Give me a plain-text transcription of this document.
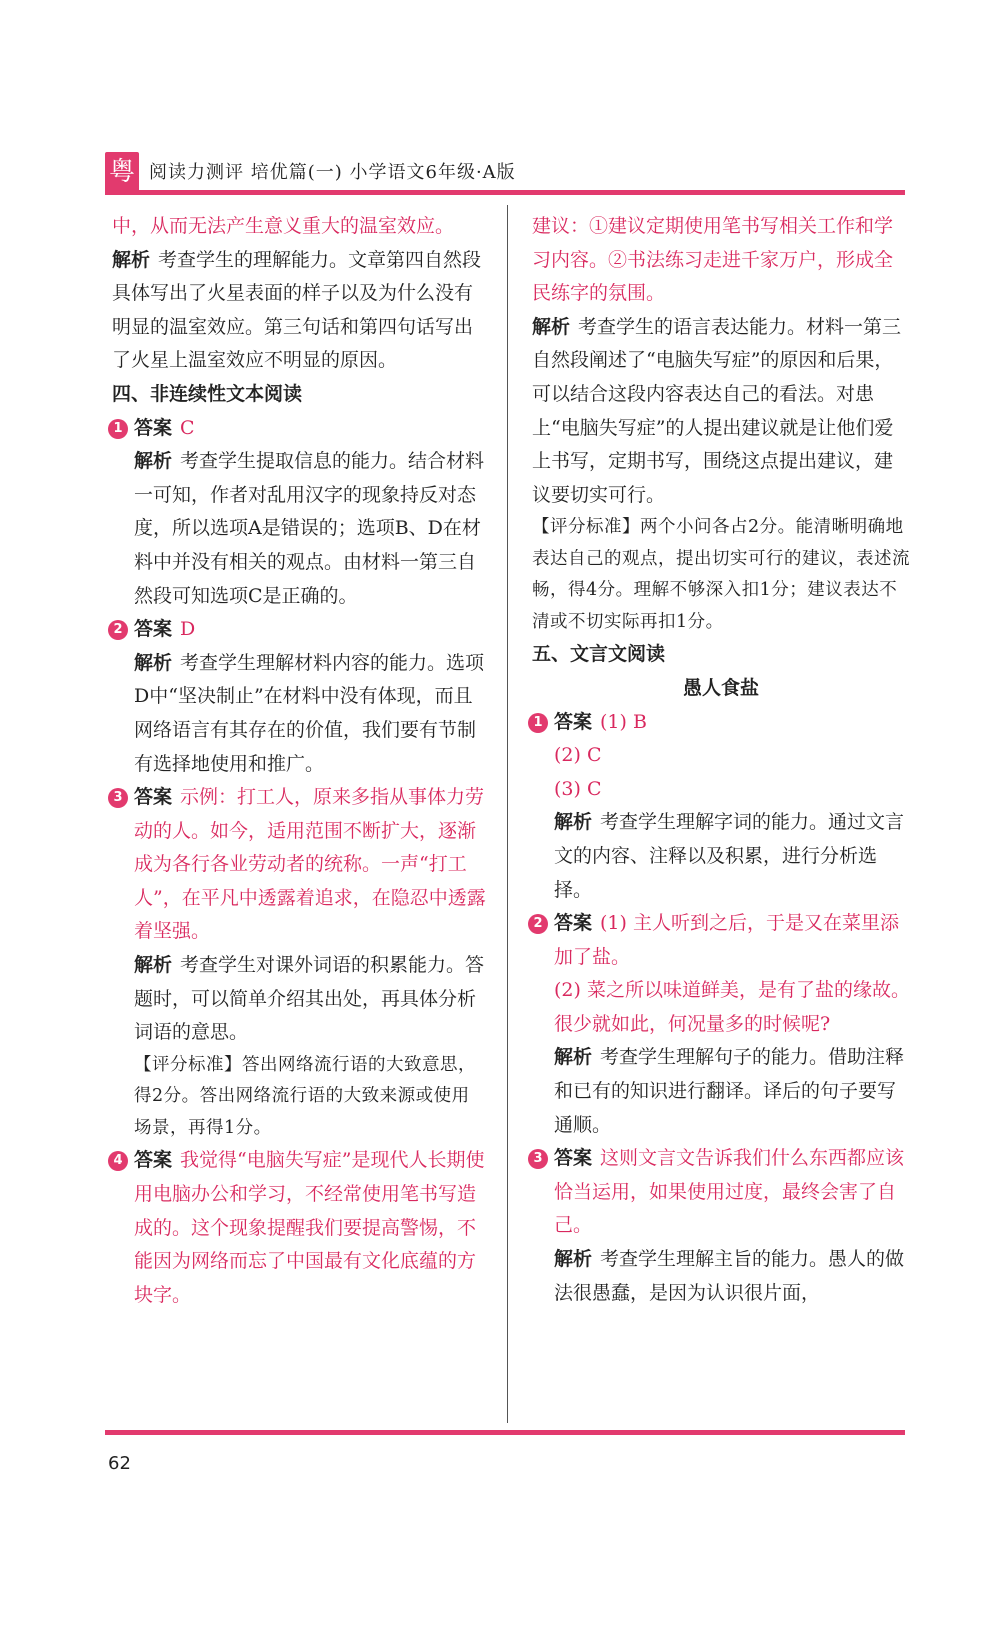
粤 阅读力测评 培优篇(一) 小学语文6年级·A版
中，从而无法产生意义重大的温室效应。
解析 考查学生的理解能力。文章第四自然段具体写出了火星表面的样子以及为什么没有明显的温室效应。第三句话和第四句话写出了火星上温室效应不明显的原因。
四、非连续性文本阅读
1 答案 C
解析 考查学生提取信息的能力。结合材料一可知，作者对乱用汉字的现象持反对态度，所以选项A是错误的；选项B、D在材料中并没有相关的观点。由材料一第三自然段可知选项C是正确的。
2 答案 D
解析 考查学生理解材料内容的能力。选项D中“坚决制止”在材料中没有体现，而且网络语言有其存在的价值，我们要有节制有选择地使用和推广。
3 答案 示例：打工人，原来多指从事体力劳动的人。如今，适用范围不断扩大，逐渐成为各行各业劳动者的统称。一声“打工人”，在平凡中透露着追求，在隐忍中透露着坚强。
解析 考查学生对课外词语的积累能力。答题时，可以简单介绍其出处，再具体分析词语的意思。
【评分标准】答出网络流行语的大致意思，得2分。答出网络流行语的大致来源或使用场景，再得1分。
4 答案 我觉得“电脑失写症”是现代人长期使用电脑办公和学习，不经常使用笔书写造成的。这个现象提醒我们要提高警惕，不能因为网络而忘了中国最有文化底蕴的方块字。
建议：①建议定期使用笔书写相关工作和学习内容。②书法练习走进千家万户，形成全民练字的氛围。
解析 考查学生的语言表达能力。材料一第三自然段阐述了“电脑失写症”的原因和后果，可以结合这段内容表达自己的看法。对患上“电脑失写症”的人提出建议就是让他们爱上书写，定期书写，围绕这点提出建议，建议要切实可行。
【评分标准】两个小问各占2分。能清晰明确地表达自己的观点，提出切实可行的建议，表述流畅，得4分。理解不够深入扣1分；建议表达不清或不切实际再扣1分。
五、文言文阅读
愚人食盐
1 答案 (1) B
(2) C
(3) C
解析 考查学生理解字词的能力。通过文言文的内容、注释以及积累，进行分析选择。
2 答案 (1) 主人听到之后，于是又在菜里添加了盐。
(2) 菜之所以味道鲜美，是有了盐的缘故。很少就如此，何况量多的时候呢?
解析 考查学生理解句子的能力。借助注释和已有的知识进行翻译。译后的句子要写通顺。
3 答案 这则文言文告诉我们什么东西都应该恰当运用，如果使用过度，最终会害了自己。
解析 考查学生理解主旨的能力。愚人的做法很愚蠢，是因为认识很片面，
62
